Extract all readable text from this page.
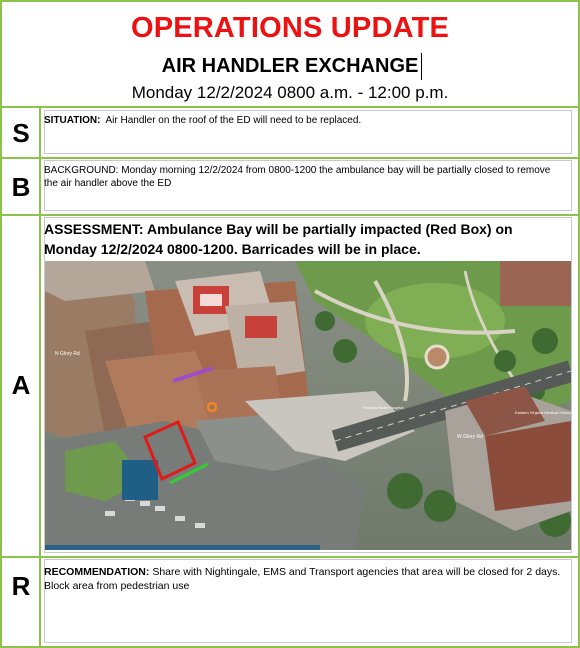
OPERATIONS UPDATE
AIR HANDLER EXCHANGE
Monday 12/2/2024 0800 a.m. - 12:00 p.m.
S	SITUATION: Air Handler on the roof of the ED will need to be replaced.
B
BACKGROUND: Monday morning 12/2/2024 from 0800-1200 the ambulance bay will be partially closed to remove the air handler above the ED
A
ASSESSMENT: Ambulance Bay will be partially impacted (Red Box) on Monday 12/2/2024 0800-1200. Barricades will be in place.
N Glory Rd
W Glory Rd
Eastern Virginia Medical School
Sentara Heart Hospital
R	RECOMMENDATION: Share with Nightingale, EMS and Transport agencies that area will be closed for 2 days. Block area from pedestrian use
